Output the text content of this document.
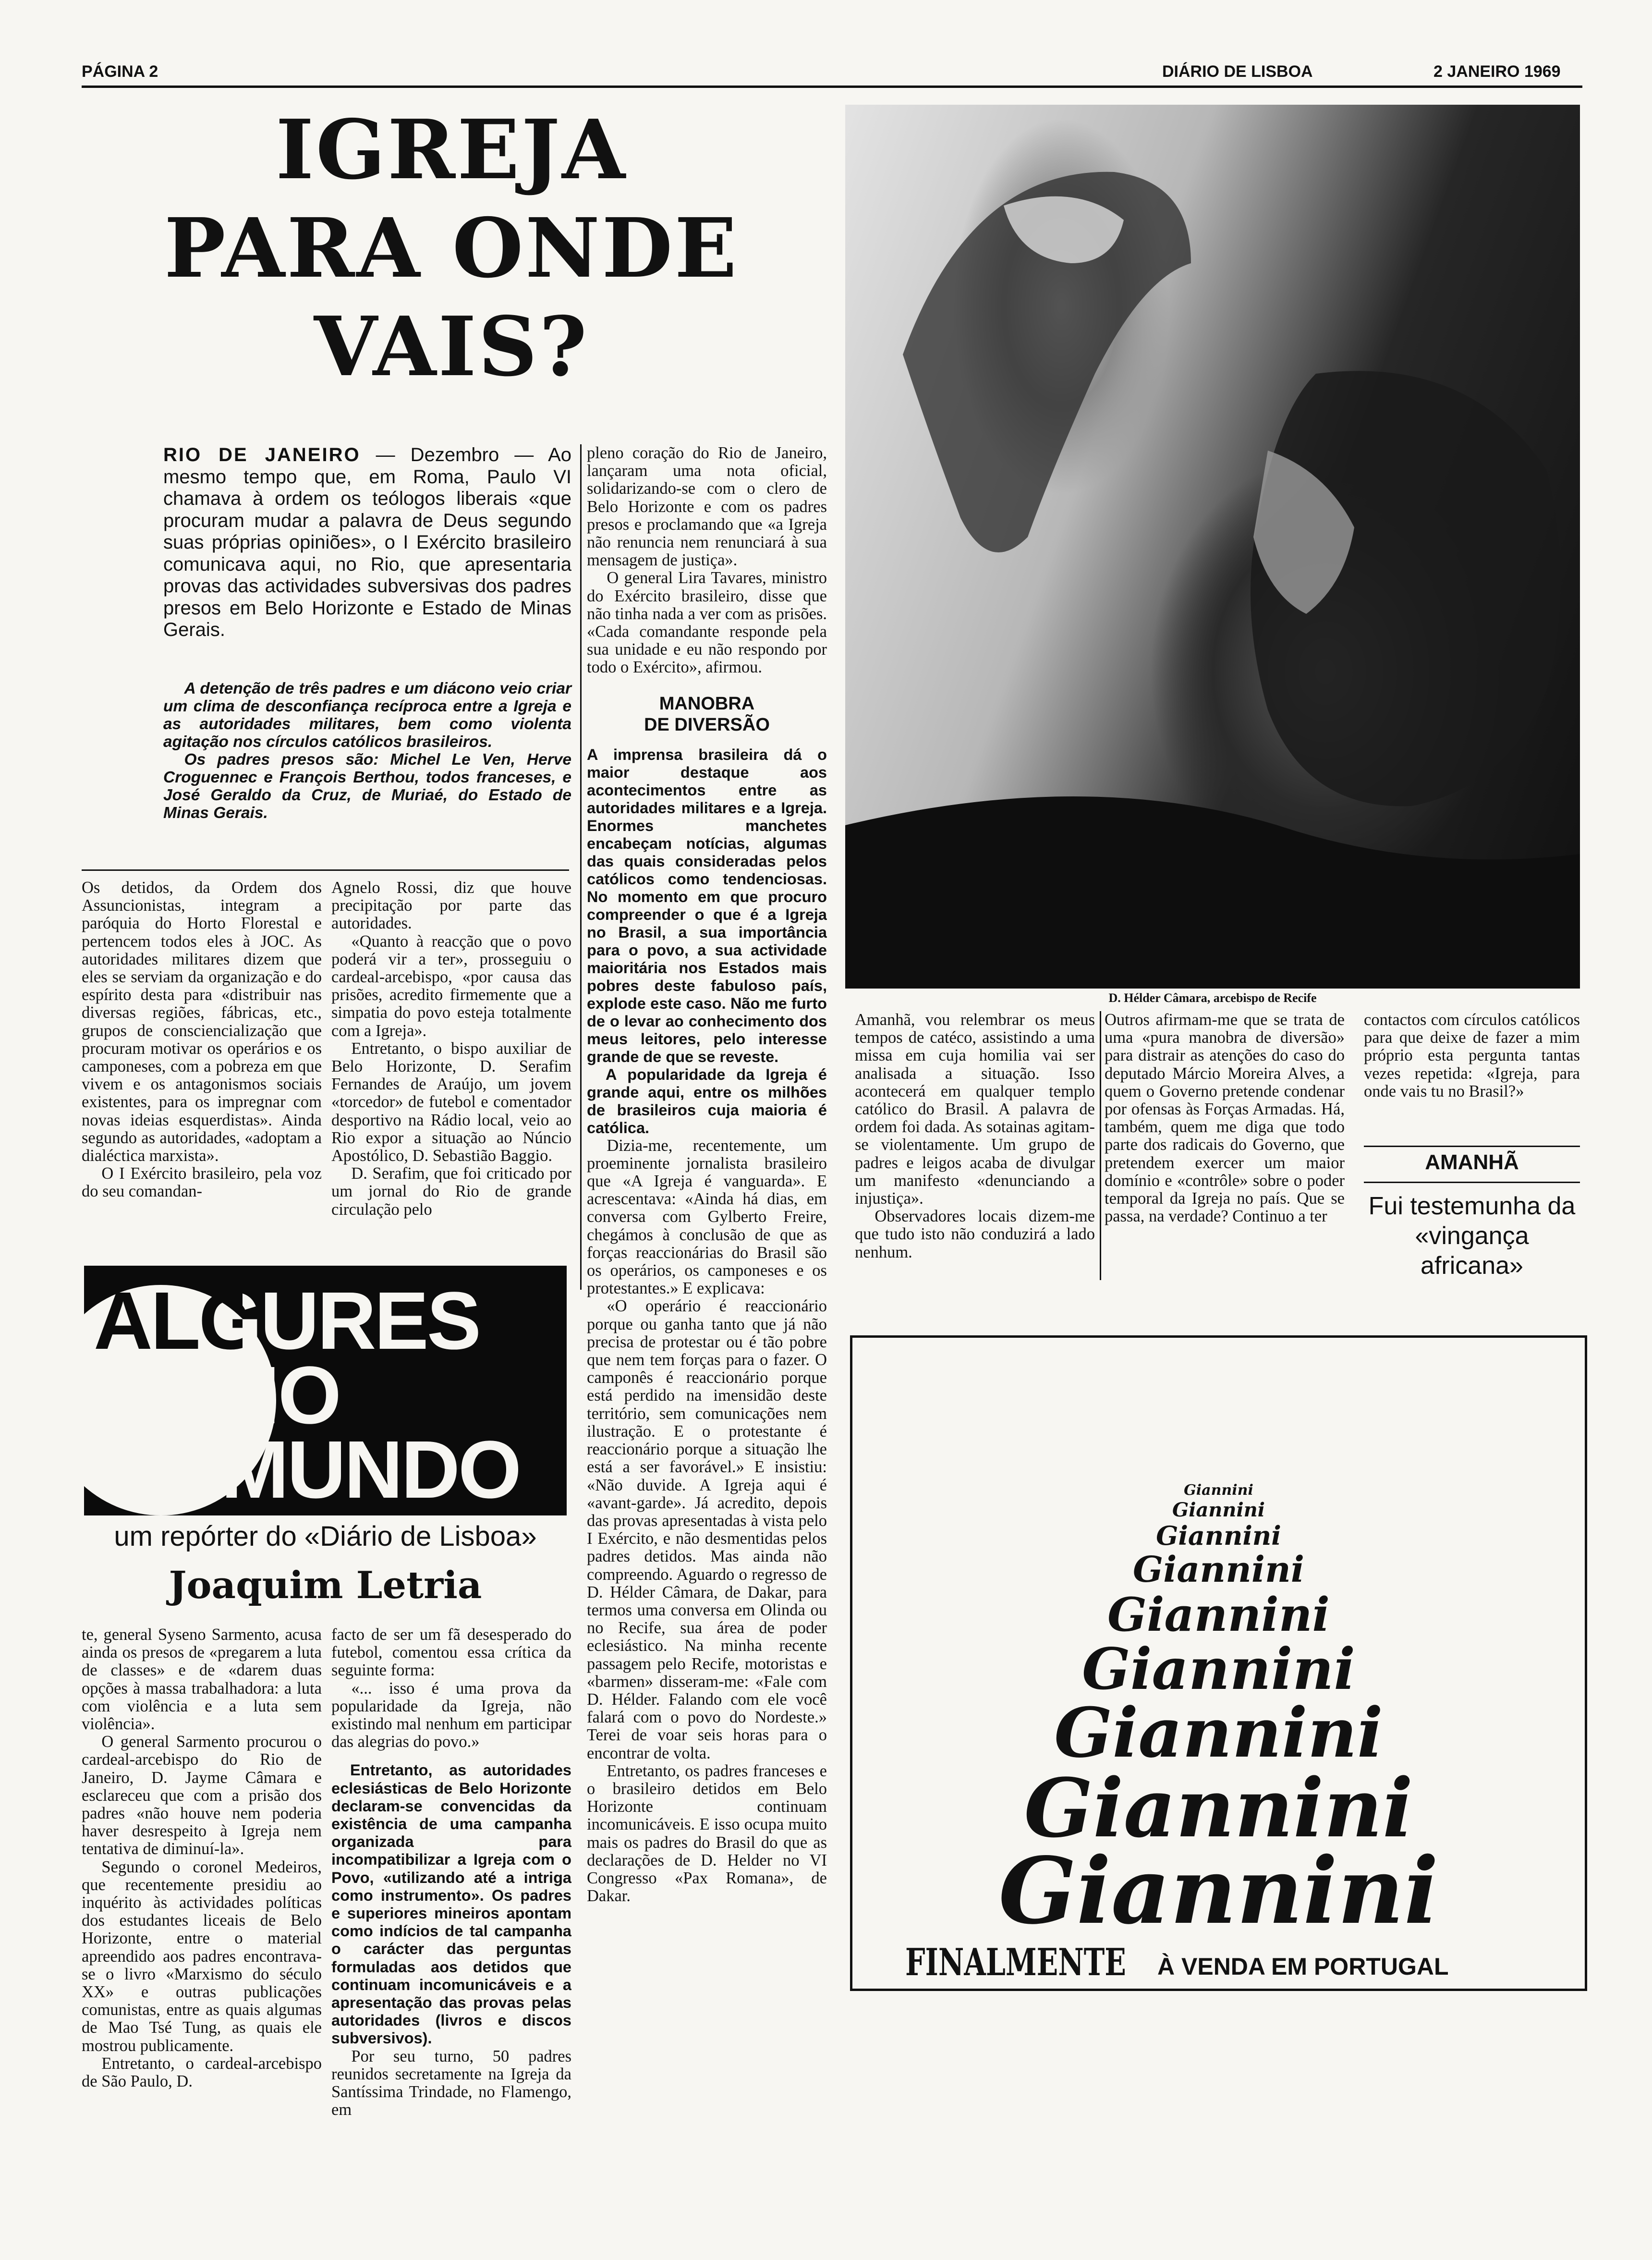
PÁGINA 2	DIÁRIO DE LISBOA	2 JANEIRO 1969
IGREJA
PARA ONDE
VAIS?
RIO DE JANEIRO — Dezembro — Ao mesmo tempo que, em Roma, Paulo VI chamava à ordem os teólogos liberais «que procuram mudar a palavra de Deus segundo suas próprias opiniões», o I Exército brasileiro comunicava aqui, no Rio, que apresentaria provas das actividades subversivas dos padres presos em Belo Horizonte e Estado de Minas Gerais.

A detenção de três padres e um diácono veio criar um clima de desconfiança recíproca entre a Igreja e as autoridades militares, bem como violenta agitação nos círculos católicos brasileiros.

Os padres presos são: Michel Le Ven, Herve Croguennec e François Berthou, todos franceses, e José Geraldo da Cruz, de Muriaé, do Estado de Minas Gerais.

Os detidos, da Ordem dos Assuncionistas, integram a paróquia do Horto Florestal e pertencem todos eles à JOC. As autoridades militares dizem que eles se serviam da organização e do espírito desta para «distribuir nas diversas regiões, fábricas, etc., grupos de consciencialização que procuram motivar os operários e os camponeses, com a pobreza em que vivem e os antagonismos sociais existentes, para os impregnar com novas ideias esquerdistas». Ainda segundo as autoridades, «adoptam a dialéctica marxista».

O I Exército brasileiro, pela voz do seu comandan-

Agnelo Rossi, diz que houve precipitação por parte das autoridades.

«Quanto à reacção que o povo poderá vir a ter», prosseguiu o cardeal-arcebispo, «por causa das prisões, acredito firmemente que a simpatia do povo esteja totalmente com a Igreja».

Entretanto, o bispo auxiliar de Belo Horizonte, D. Serafim Fernandes de Araújo, um jovem «torcedor» de futebol e comentador desportivo na Rádio local, veio ao Rio expor a situação ao Núncio Apostólico, D. Sebastião Baggio.

D. Serafim, que foi criticado por um jornal do Rio de grande circulação pelo

pleno coração do Rio de Janeiro, lançaram uma nota oficial, solidarizando-se com o clero de Belo Horizonte e com os padres presos e proclamando que «a Igreja não renuncia nem renunciará à sua mensagem de justiça».

O general Lira Tavares, ministro do Exército brasileiro, disse que não tinha nada a ver com as prisões. «Cada comandante responde pela sua unidade e eu não respondo por todo o Exército», afirmou.

MANOBRA
DE DIVERSÃO

A imprensa brasileira dá o maior destaque aos acontecimentos entre as autoridades militares e a Igreja. Enormes manchetes encabeçam notícias, algumas das quais consideradas pelos católicos como tendenciosas. No momento em que procuro compreender o que é a Igreja no Brasil, a sua importância para o povo, a sua actividade maioritária nos Estados mais pobres deste fabuloso país, explode este caso. Não me furto de o levar ao conhecimento dos meus leitores, pelo interesse grande de que se reveste.

A popularidade da Igreja é grande aqui, entre os milhões de brasileiros cuja maioria é católica.

Dizia-me, recentemente, um proeminente jornalista brasileiro que «A Igreja é vanguarda». E acrescentava: «Ainda há dias, em conversa com Gylberto Freire, chegámos à conclusão de que as forças reaccionárias do Brasil são os operários, os camponeses e os protestantes.» E explicava:

«O operário é reaccionário porque ou ganha tanto que já não precisa de protestar ou é tão pobre que nem tem forças para o fazer. O camponês é reaccionário porque está perdido na imensidão deste território, sem comunicações nem ilustração. E o protestante é reaccionário porque a situação lhe está a ser favorável.» E insistiu: «Não duvide. A Igreja aqui é «avant-garde». Já acredito, depois das provas apresentadas à vista pelo I Exército, e não desmentidas pelos padres detidos. Mas ainda não compreendo. Aguardo o regresso de D. Hélder Câmara, de Dakar, para termos uma conversa em Olinda ou no Recife, sua área de poder eclesiástico. Na minha recente passagem pelo Recife, motoristas e «barmen» disseram-me: «Fale com D. Hélder. Falando com ele você falará com o povo do Nordeste.» Terei de voar seis horas para o encontrar de volta.

Entretanto, os padres franceses e o brasileiro detidos em Belo Horizonte continuam incomunicáveis. E isso ocupa muito mais os padres do Brasil do que as declarações de D. Helder no VI Congresso «Pax Romana», de Dakar.

D. Hélder Câmara, arcebispo de Recife

Amanhã, vou relembrar os meus tempos de catéco, assistindo a uma missa em cuja homilia vai ser analisada a situação. Isso acontecerá em qualquer templo católico do Brasil. A palavra de ordem foi dada. As sotainas agitam-se violentamente. Um grupo de padres e leigos acaba de divulgar um manifesto «denunciando a injustiça».

Observadores locais dizem-me que tudo isto não conduzirá a lado nenhum.

Outros afirmam-me que se trata de uma «pura manobra de diversão» para distrair as atenções do caso do deputado Márcio Moreira Alves, a quem o Governo pretende condenar por ofensas às Forças Armadas. Há, também, quem me diga que todo parte dos radicais do Governo, que pretendem exercer um maior domínio e «contrôle» sobre o poder temporal da Igreja no país. Que se passa, na verdade? Continuo a ter

contactos com círculos católicos para que deixe de fazer a mim próprio esta pergunta tantas vezes repetida: «Igreja, para onde vais tu no Brasil?»

AMANHÃ
Fui testemunha da «vingança africana»
ALGURES
NO
MUNDO
um repórter do «Diário de Lisboa»
Joaquim Letria

te, general Syseno Sarmento, acusa ainda os presos de «pregarem a luta de classes» e de «darem duas opções à massa trabalhadora: a luta com violência e a luta sem violência».

O general Sarmento procurou o cardeal-arcebispo do Rio de Janeiro, D. Jayme Câmara e esclareceu que com a prisão dos padres «não houve nem poderia haver desrespeito à Igreja nem tentativa de diminuí-la».

Segundo o coronel Medeiros, que recentemente presidiu ao inquérito às actividades políticas dos estudantes liceais de Belo Horizonte, entre o material apreendido aos padres encontrava-se o livro «Marxismo do século XX» e outras publicações comunistas, entre as quais algumas de Mao Tsé Tung, as quais ele mostrou publicamente.

Entretanto, o cardeal-arcebispo de São Paulo, D.

facto de ser um fã desesperado do futebol, comentou essa crítica da seguinte forma:

«... isso é uma prova da popularidade da Igreja, não existindo mal nenhum em participar das alegrias do povo.»

Entretanto, as autoridades eclesiásticas de Belo Horizonte declaram-se convencidas da existência de uma campanha organizada para incompatibilizar a Igreja com o Povo, «utilizando até a intriga como instrumento». Os padres e superiores mineiros apontam como indícios de tal campanha o carácter das perguntas formuladas aos detidos que continuam incomunicáveis e a apresentação das provas pelas autoridades (livros e discos subversivos).

Por seu turno, 50 padres reunidos secretamente na Igreja da Santíssima Trindade, no Flamengo, em

Giannini
Giannini
Giannini
Giannini
Giannini
Giannini
Giannini
Giannini
Giannini
FINALMENTE À VENDA EM PORTUGAL
